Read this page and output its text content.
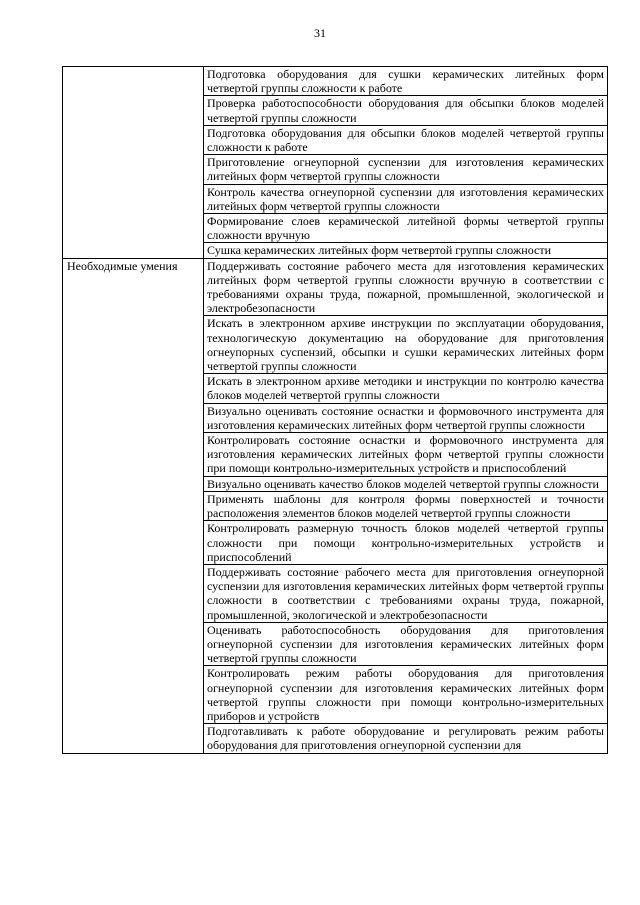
31
	Подготовка оборудования для сушки керамических литейных форм четвертой группы сложности к работе
	Проверка работоспособности оборудования для обсыпки блоков моделей четвертой группы сложности
	Подготовка оборудования для обсыпки блоков моделей четвертой группы сложности к работе
	Приготовление огнеупорной суспензии для изготовления керамических литейных форм четвертой группы сложности
	Контроль качества огнеупорной суспензии для изготовления керамических литейных форм четвертой группы сложности
	Формирование слоев керамической литейной формы четвертой группы сложности вручную
	Сушка керамических литейных форм четвертой группы сложности
Необходимые умения	Поддерживать состояние рабочего места для изготовления керамических литейных форм четвертой группы сложности вручную в соответствии с требованиями охраны труда, пожарной, промышленной, экологической и электробезопасности
	Искать в электронном архиве инструкции по эксплуатации оборудования, технологическую документацию на оборудование для приготовления огнеупорных суспензий, обсыпки и сушки керамических литейных форм четвертой группы сложности
	Искать в электронном архиве методики и инструкции по контролю качества блоков моделей четвертой группы сложности
	Визуально оценивать состояние оснастки и формовочного инструмента для изготовления керамических литейных форм четвертой группы сложности
	Контролировать состояние оснастки и формовочного инструмента для изготовления керамических литейных форм четвертой группы сложности при помощи контрольно-измерительных устройств и приспособлений
	Визуально оценивать качество блоков моделей четвертой группы сложности
	Применять шаблоны для контроля формы поверхностей и точности расположения элементов блоков моделей четвертой группы сложности
	Контролировать размерную точность блоков моделей четвертой группы сложности при помощи контрольно-измерительных устройств и приспособлений
	Поддерживать состояние рабочего места для приготовления огнеупорной суспензии для изготовления керамических литейных форм четвертой группы сложности в соответствии с требованиями охраны труда, пожарной, промышленной, экологической и электробезопасности
	Оценивать работоспособность оборудования для приготовления огнеупорной суспензии для изготовления керамических литейных форм четвертой группы сложности
	Контролировать режим работы оборудования для приготовления огнеупорной суспензии для изготовления керамических литейных форм четвертой группы сложности при помощи контрольно-измерительных приборов и устройств
	Подготавливать к работе оборудование и регулировать режим работы оборудования для приготовления огнеупорной суспензии для
